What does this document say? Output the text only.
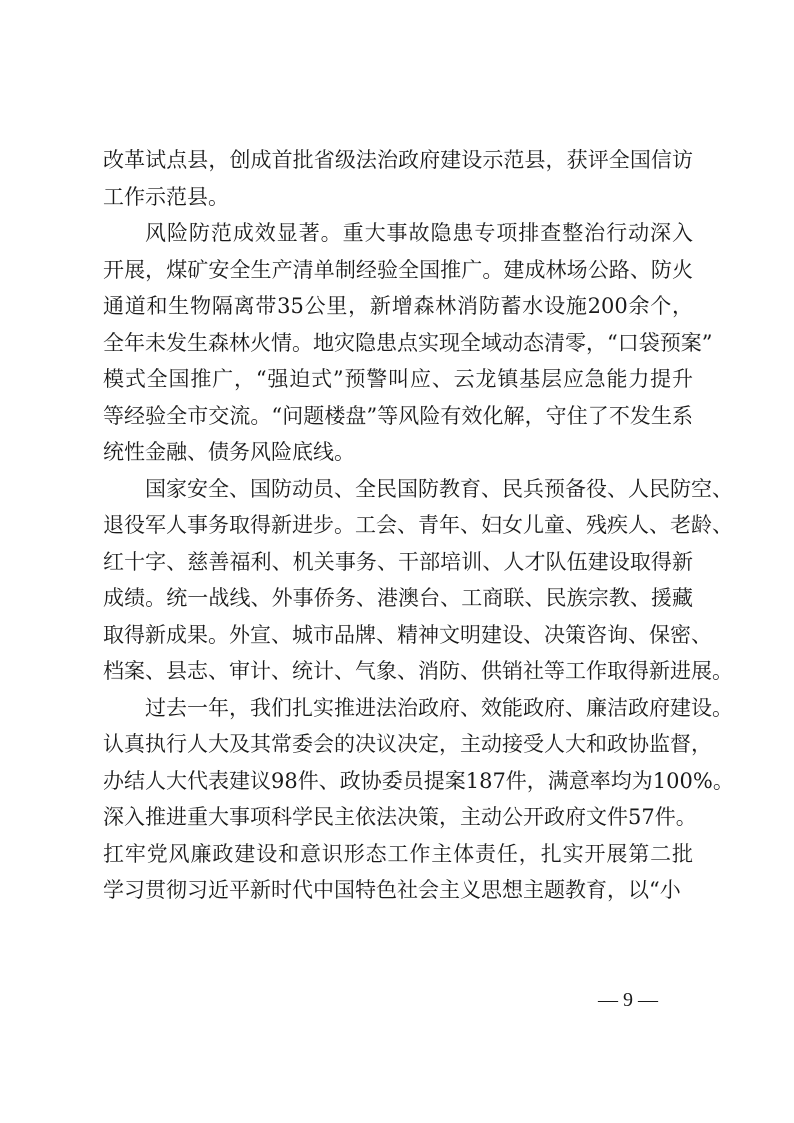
改革试点县，创成首批省级法治政府建设示范县，获评全国信访
工作示范县。
风险防范成效显著。重大事故隐患专项排查整治行动深入
开展，煤矿安全生产清单制经验全国推广。建成林场公路、防火
通道和生物隔离带35公里，新增森林消防蓄水设施200余个，
全年未发生森林火情。地灾隐患点实现全域动态清零，“口袋预案”
模式全国推广，“强迫式”预警叫应、云龙镇基层应急能力提升
等经验全市交流。“问题楼盘”等风险有效化解，守住了不发生系
统性金融、债务风险底线。
国家安全、国防动员、全民国防教育、民兵预备役、人民防空、
退役军人事务取得新进步。工会、青年、妇女儿童、残疾人、老龄、
红十字、慈善福利、机关事务、干部培训、人才队伍建设取得新
成绩。统一战线、外事侨务、港澳台、工商联、民族宗教、援藏
取得新成果。外宣、城市品牌、精神文明建设、决策咨询、保密、
档案、县志、审计、统计、气象、消防、供销社等工作取得新进展。
过去一年，我们扎实推进法治政府、效能政府、廉洁政府建设。
认真执行人大及其常委会的决议决定，主动接受人大和政协监督，
办结人大代表建议98件、政协委员提案187件，满意率均为100%。
深入推进重大事项科学民主依法决策，主动公开政府文件57件。
扛牢党风廉政建设和意识形态工作主体责任，扎实开展第二批
学习贯彻习近平新时代中国特色社会主义思想主题教育，以“小
— 9 —
